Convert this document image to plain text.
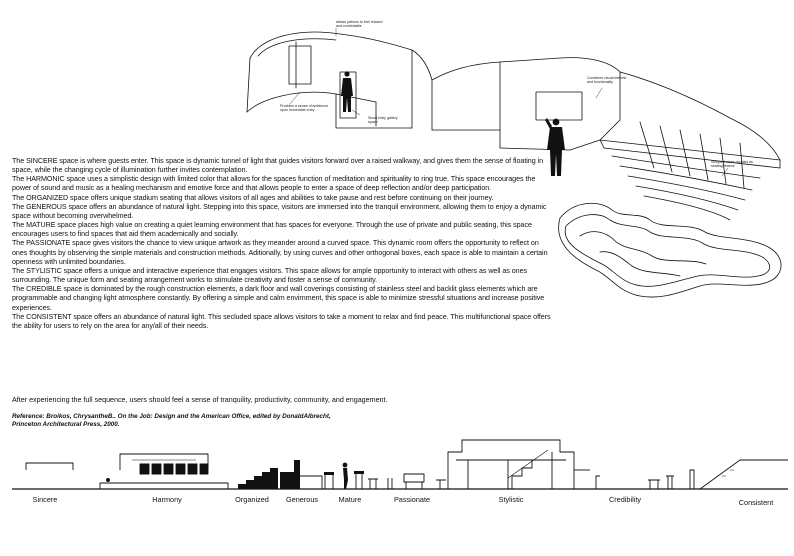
allows patrons to feel relaxed and comfortable
Combines visual interest and functionality
Provides a sense of ambience upon immediate entry
Small entry gallery space
Sculpted stairs doubles as seating feature

The SINCERE space is where guests enter. This space is dynamic tunnel of light that guides visitors forward over a raised walkway, and gives them the sense of floating in space, while the changing cycle of illumination further invites contemplation.

The HARMONIC space uses a simplistic design with limited color that allows for the spaces function of meditation and spirituality to ring true. This space encourages the power of sound and music as a healing mechanism and emotive force and that allows people to enter a space of deep reflection and/or deep participation.

The ORGANIZED space offers unique stadium seating that allows visitors of all ages and abilities to take pause and rest before continuing on their journey.

The GENEROUS space offers an abundance of natural light. Stepping into this space, visitors are immersed into the tranquil environment, allowing them to enjoy a dynamic space without becoming overwhelmed.

The MATURE space places high value on creating a quiet learning environment that has spaces for everyone. Through the use of private and public seating, this space encourages users to find spaces that aid them academically and socially.

The PASSIONATE space gives visitors the chance to view unique artwork as they meander around a curved space. This dynamic room offers the opportunity to reflect on ones thoughts by observing the simple materials and construction methods. Aditionally, by using curves and other orthogonal boxes, each space is able to maintain a certain openness with unlimited boundaries.

The STYLISTIC space offers a unique and interactive experience that engages visitors. This space allows for ample opportunity to interact with others as well as ones surrounding. The unique form and seating arrangement works to stimulate creativity and foster a sense of community.

The CREDIBLE space is dominated by the rough construction elements, a dark floor and wall coverings consisting of stainless steel and backlit glass elements which are programmable and changing light atmosphere constantly. By offering a simple and calm envirnment, this space is able to minimize stressful situations and increase positive experiences.

The CONSISTENT space offers an abundance of natural light. This secluded space allows visitors to take a moment to relax and find peace. This multifunctional space offers the ability for users to rely on the area for any/all of their needs.

After experiencing the full sequence, users should feel a sense of tranquility, productivity, community, and engagement.

Reference: Broikos, ChrysantheB.. On the Job: Design and the American Office, edited by DonaldAlbrecht,
Princeton Architectural Press, 2000.

Sincere	Harmony	Organized Generous	Mature	Passionate	Stylistic	Credibility	Consistent
